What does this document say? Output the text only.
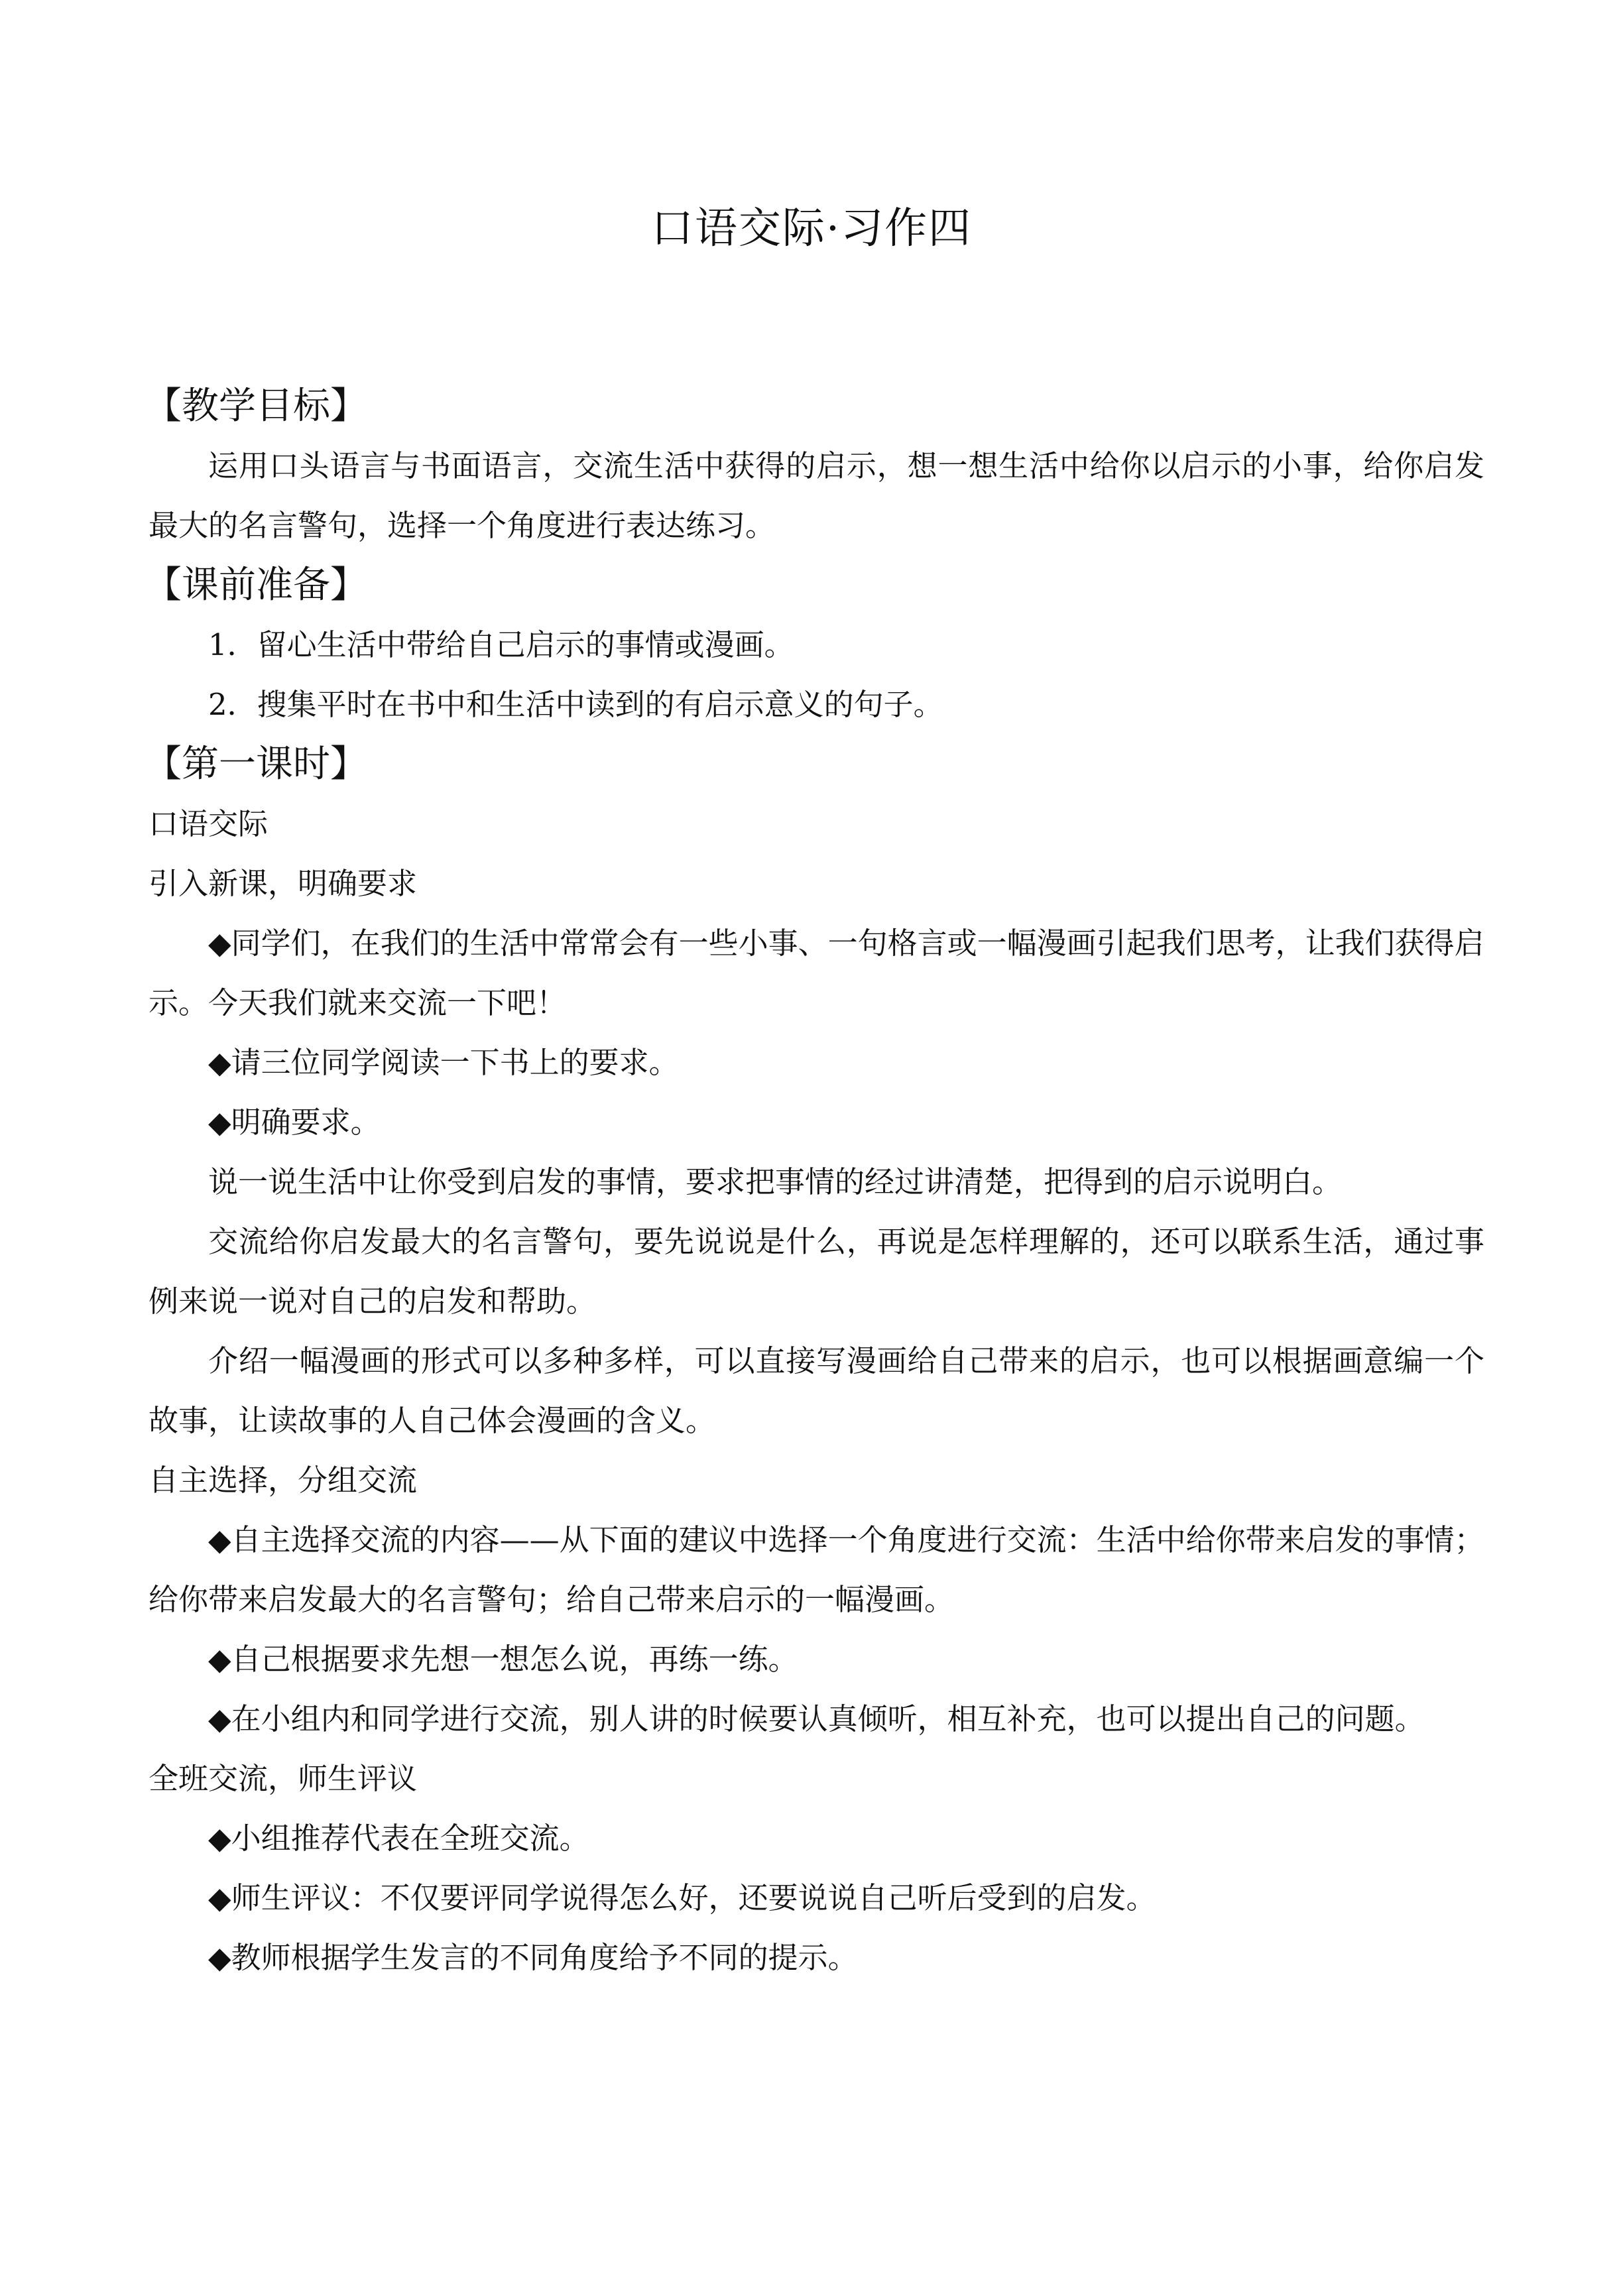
口语交际·习作四
【教学目标】

运用口头语言与书面语言，交流生活中获得的启示，想一想生活中给你以启示的小事，给你启发最大的名言警句，选择一个角度进行表达练习。

【课前准备】

1．留心生活中带给自己启示的事情或漫画。

2．搜集平时在书中和生活中读到的有启示意义的句子。

【第一课时】

口语交际

引入新课，明确要求

◆同学们，在我们的生活中常常会有一些小事、一句格言或一幅漫画引起我们思考，让我们获得启示。今天我们就来交流一下吧！

◆请三位同学阅读一下书上的要求。

◆明确要求。

说一说生活中让你受到启发的事情，要求把事情的经过讲清楚，把得到的启示说明白。

交流给你启发最大的名言警句，要先说说是什么，再说是怎样理解的，还可以联系生活，通过事例来说一说对自己的启发和帮助。

介绍一幅漫画的形式可以多种多样，可以直接写漫画给自己带来的启示，也可以根据画意编一个故事，让读故事的人自己体会漫画的含义。

自主选择，分组交流

◆自主选择交流的内容——从下面的建议中选择一个角度进行交流：生活中给你带来启发的事情；给你带来启发最大的名言警句；给自己带来启示的一幅漫画。

◆自己根据要求先想一想怎么说，再练一练。

◆在小组内和同学进行交流，别人讲的时候要认真倾听，相互补充，也可以提出自己的问题。

全班交流，师生评议

◆小组推荐代表在全班交流。

◆师生评议：不仅要评同学说得怎么好，还要说说自己听后受到的启发。

◆教师根据学生发言的不同角度给予不同的提示。
